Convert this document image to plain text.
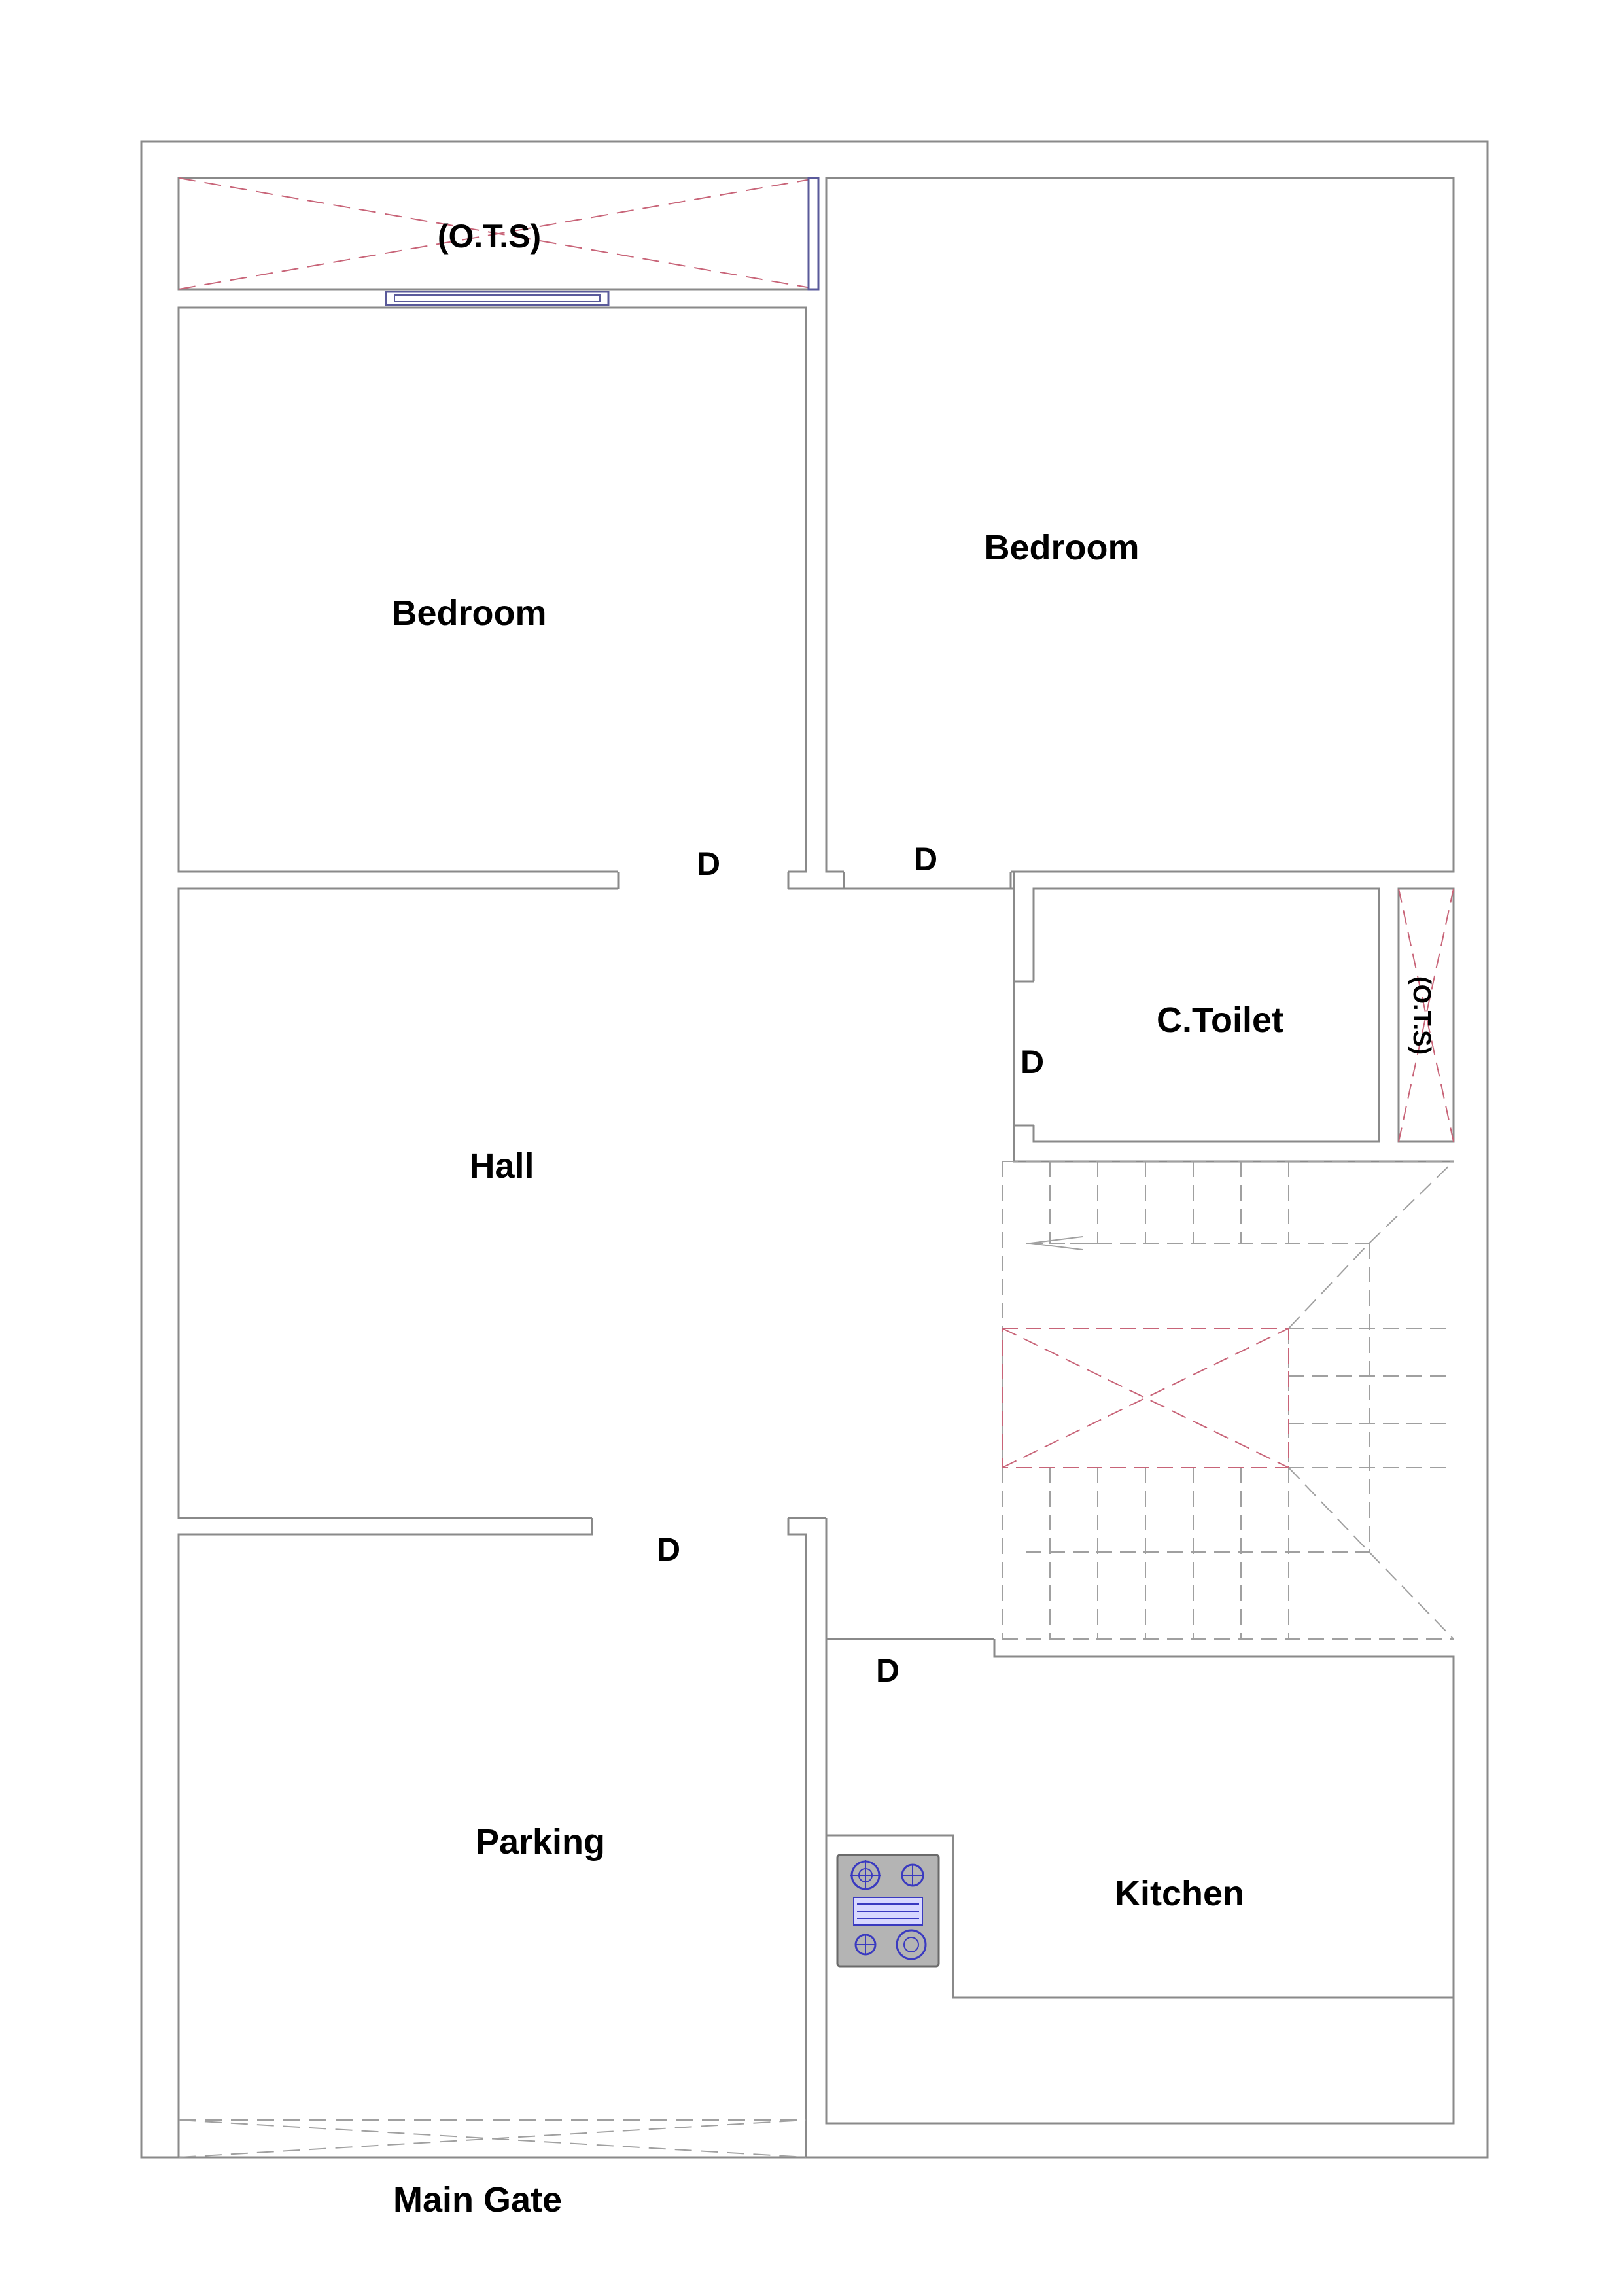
(O.T.S)
Bedroom
Bedroom
C.Toilet	(O.T.S)
Hall
Parking
Kitchen
Main Gate
D	D
D
D
D
